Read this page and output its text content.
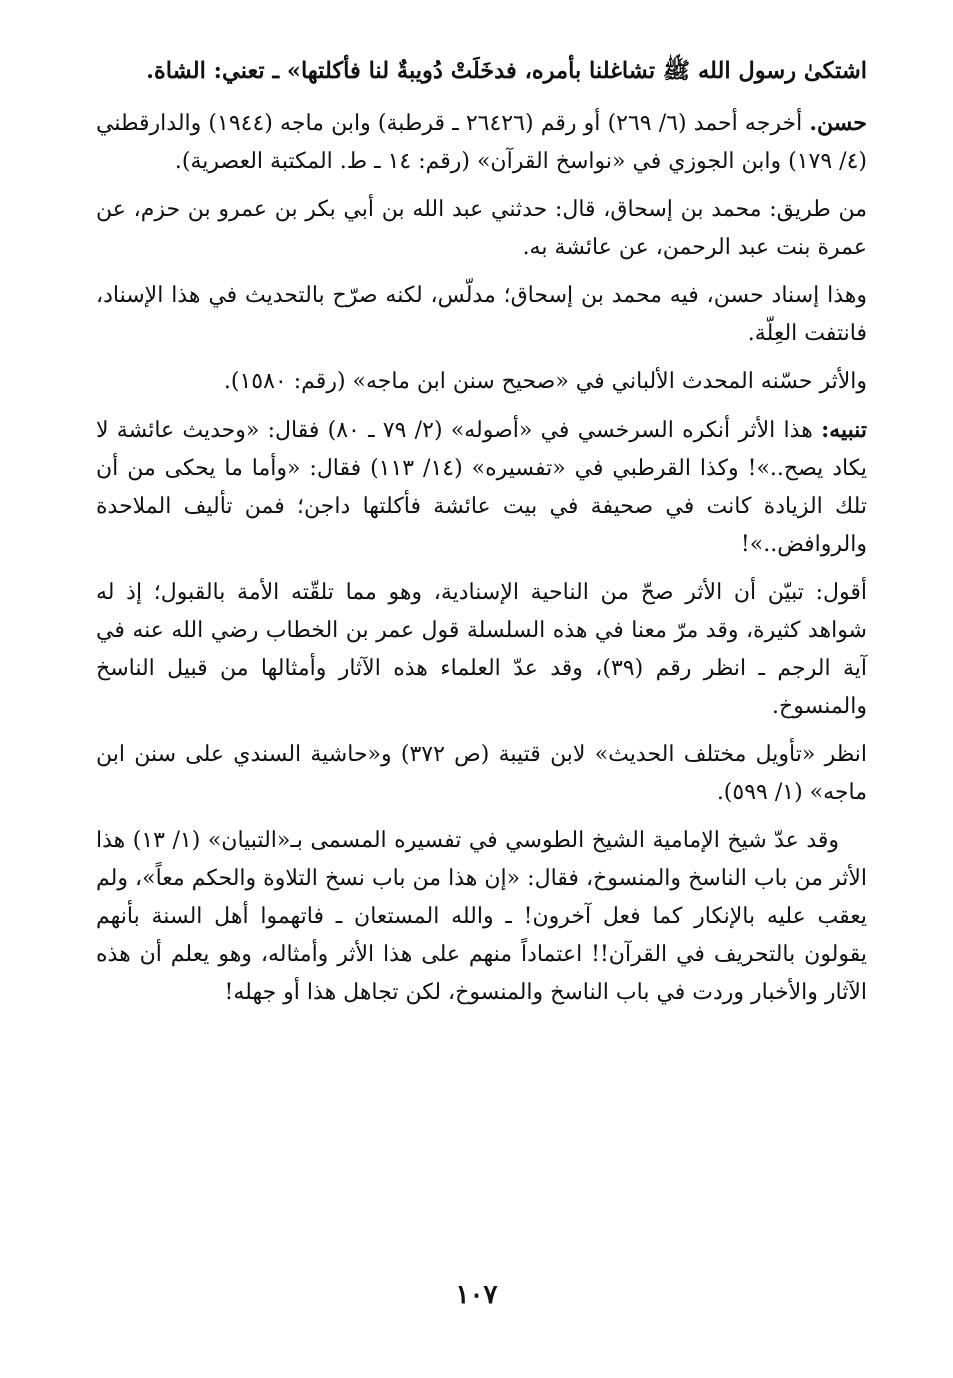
اشتكىٰ رسول الله ﷺ تشاغلنا بأمره، فدخَلَتْ دُويبةٌ لنا فأكلتها» ـ تعني: الشاة.

حسن. أخرجه أحمد (٦/ ٢٦٩) أو رقم (٢٦٤٢٦ ـ قرطبة) وابن ماجه (١٩٤٤) والدارقطني (٤/ ١٧٩) وابن الجوزي في «نواسخ القرآن» (رقم: ١٤ ـ ط. المكتبة العصرية).

من طريق: محمد بن إسحاق، قال: حدثني عبد الله بن أبي بكر بن عمرو بن حزم، عن عمرة بنت عبد الرحمن، عن عائشة به.

وهذا إسناد حسن، فيه محمد بن إسحاق؛ مدلّس، لكنه صرّح بالتحديث في هذا الإسناد، فانتفت العِلّة.

والأثر حسّنه المحدث الألباني في «صحيح سنن ابن ماجه» (رقم: ١٥٨٠).

تنبيه: هذا الأثر أنكره السرخسي في «أصوله» (٢/ ٧٩ ـ ٨٠) فقال: «وحديث عائشة لا يكاد يصح..»! وكذا القرطبي في «تفسيره» (١٤/ ١١٣) فقال: «وأما ما يحكى من أن تلك الزيادة كانت في صحيفة في بيت عائشة فأكلتها داجن؛ فمن تأليف الملاحدة والروافض..»!

أقول: تبيّن أن الأثر صحّ من الناحية الإسنادية، وهو مما تلقّته الأمة بالقبول؛ إذ له شواهد كثيرة، وقد مرّ معنا في هذه السلسلة قول عمر بن الخطاب رضي الله عنه في آية الرجم ـ انظر رقم (٣٩)، وقد عدّ العلماء هذه الآثار وأمثالها من قبيل الناسخ والمنسوخ.

انظر «تأويل مختلف الحديث» لابن قتيبة (ص ٣٧٢) و«حاشية السندي على سنن ابن ماجه» (١/ ٥٩٩).

وقد عدّ شيخ الإمامية الشيخ الطوسي في تفسيره المسمى بـ«التبيان» (١/ ١٣) هذا الأثر من باب الناسخ والمنسوخ، فقال: «إن هذا من باب نسخ التلاوة والحكم معاً»، ولم يعقب عليه بالإنكار كما فعل آخرون! ـ والله المستعان ـ فاتهموا أهل السنة بأنهم يقولون بالتحريف في القرآن!! اعتماداً منهم على هذا الأثر وأمثاله، وهو يعلم أن هذه الآثار والأخبار وردت في باب الناسخ والمنسوخ، لكن تجاهل هذا أو جهله!

١٠٧
